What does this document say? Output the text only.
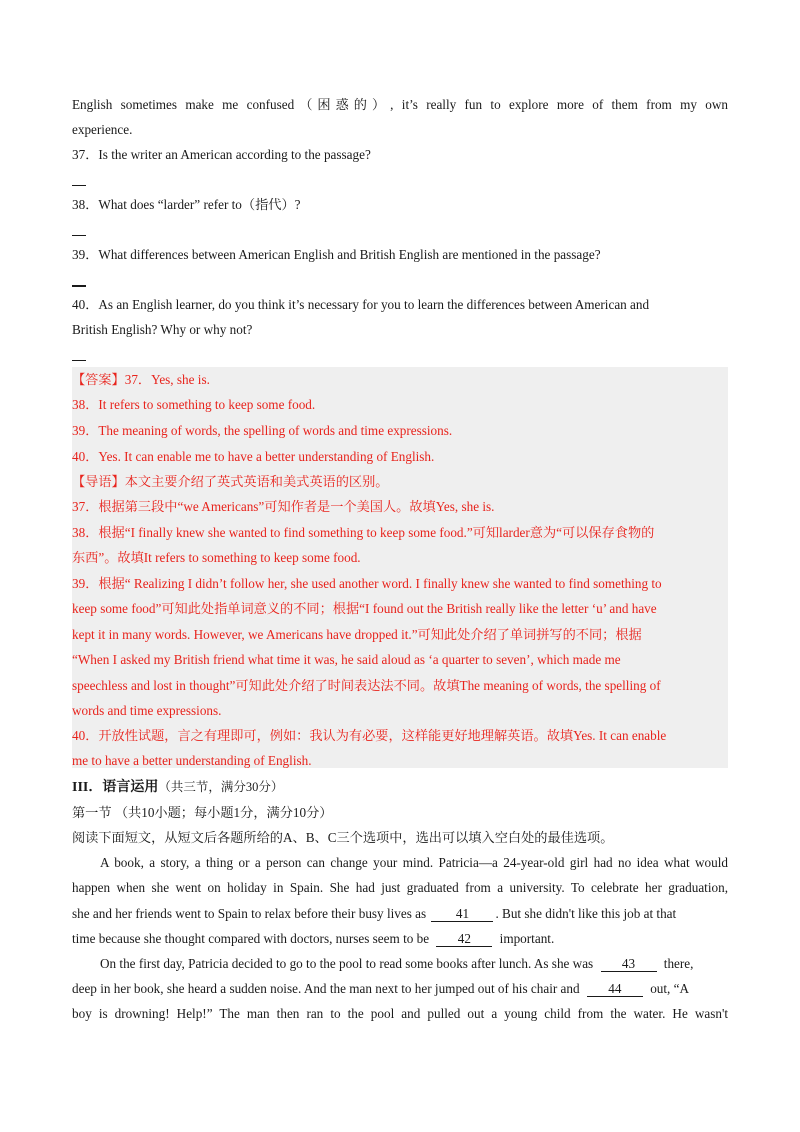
English sometimes make me confused（困惑的）, it’s really fun to explore more of them from my own
experience.
37．Is the writer an American according to the passage?
38．What does “larder” refer to（指代）?
39．What differences between American English and British English are mentioned in the passage?
40．As an English learner, do you think it’s necessary for you to learn the differences between American and
British English? Why or why not?
【答案】37．Yes, she is.
38．It refers to something to keep some food.
39．The meaning of words, the spelling of words and time expressions.
40．Yes. It can enable me to have a better understanding of English.
【导语】本文主要介绍了英式英语和美式英语的区别。
37．根据第三段中“we Americans”可知作者是一个美国人。故填Yes, she is.
38．根据“I finally knew she wanted to find something to keep some food.”可知larder意为“可以保存食物的
东西”。故填It refers to something to keep some food.
39．根据“ Realizing I didn’t follow her, she used another word. I finally knew she wanted to find something to
keep some food”可知此处指单词意义的不同；根据“I found out the British really like the letter ‘u’ and have
kept it in many words. However, we Americans have dropped it.”可知此处介绍了单词拼写的不同；根据
“When I asked my British friend what time it was, he said aloud as ‘a quarter to seven’, which made me
speechless and lost in thought”可知此处介绍了时间表达法不同。故填The meaning of words, the spelling of
words and time expressions.
40．开放性试题，言之有理即可，例如：我认为有必要，这样能更好地理解英语。故填Yes. It can enable
me to have a better understanding of English.
III．语言运用（共三节，满分30分）
第一节 （共10小题；每小题1分，满分10分）
阅读下面短文，从短文后各题所给的A、B、C三个选项中，选出可以填入空白处的最佳选项。
A book, a story, a thing or a person can change your mind. Patricia—a 24-year-old girl had no idea what would
happen when she went on holiday in Spain. She had just graduated from a university. To celebrate her graduation,
she and her friends went to Spain to relax before their busy lives as 41 . But she didn't like this job at that
time because she thought compared with doctors, nurses seem to be 42 important.
On the first day, Patricia decided to go to the pool to read some books after lunch. As she was 43 there,
deep in her book, she heard a sudden noise. And the man next to her jumped out of his chair and 44 out, “A
boy is drowning! Help!” The man then ran to the pool and pulled out a young child from the water. He wasn't
